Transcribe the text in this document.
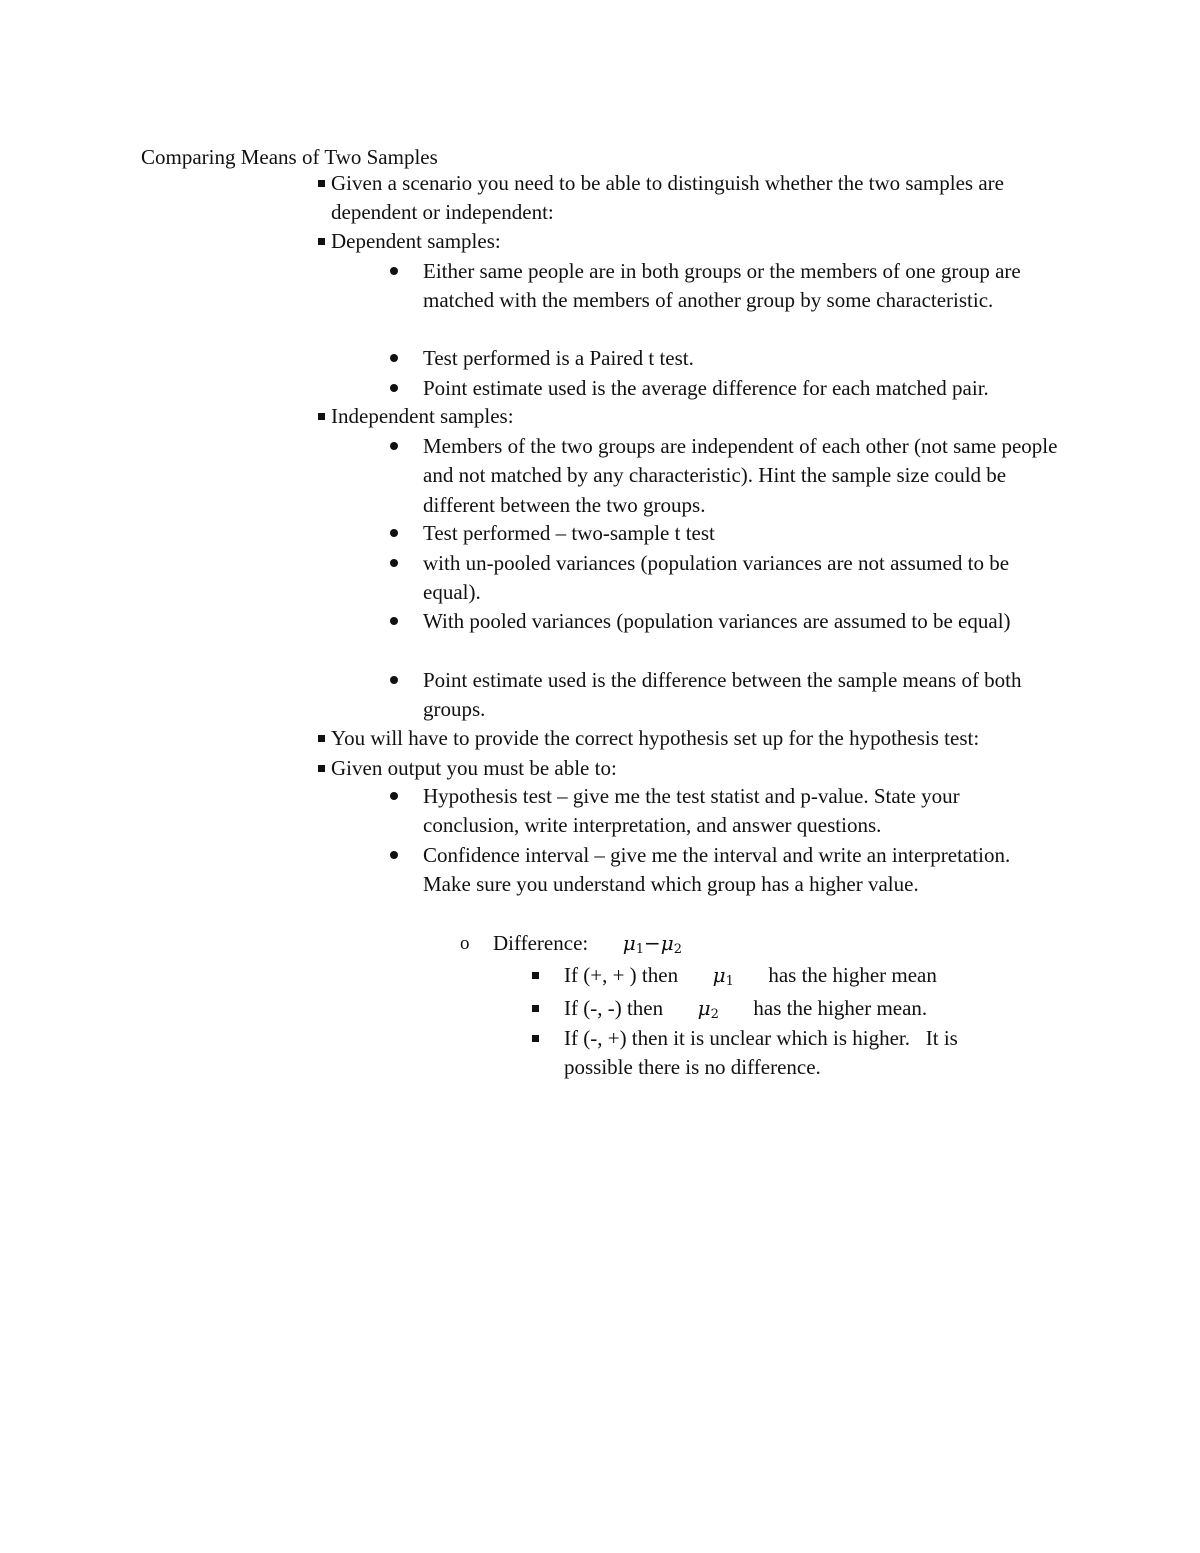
Comparing Means of Two Samples
Given a scenario you need to be able to distinguish whether the two samples are dependent or independent:
Dependent samples:
Either same people are in both groups or the members of one group are matched with the members of another group by some characteristic.
Test performed is a Paired t test.
Point estimate used is the average difference for each matched pair.
Independent samples:
Members of the two groups are independent of each other (not same people and not matched by any characteristic). Hint the sample size could be different between the two groups.
Test performed – two-sample t test
with un-pooled variances (population variances are not assumed to be equal).
With pooled variances (population variances are assumed to be equal)
Point estimate used is the difference between the sample means of both groups.
You will have to provide the correct hypothesis set up for the hypothesis test:
Given output you must be able to:
Hypothesis test – give me the test statist and p-value. State your conclusion, write interpretation, and answer questions.
Confidence interval – give me the interval and write an interpretation. Make sure you understand which group has a higher value.
o Difference: $\mu_1-\mu_2$
If (+, + ) then $\mu_1$ has the higher mean
If (-, -) then $\mu_2$ has the higher mean.
If (-, +) then it is unclear which is higher.   It is possible there is no difference.
